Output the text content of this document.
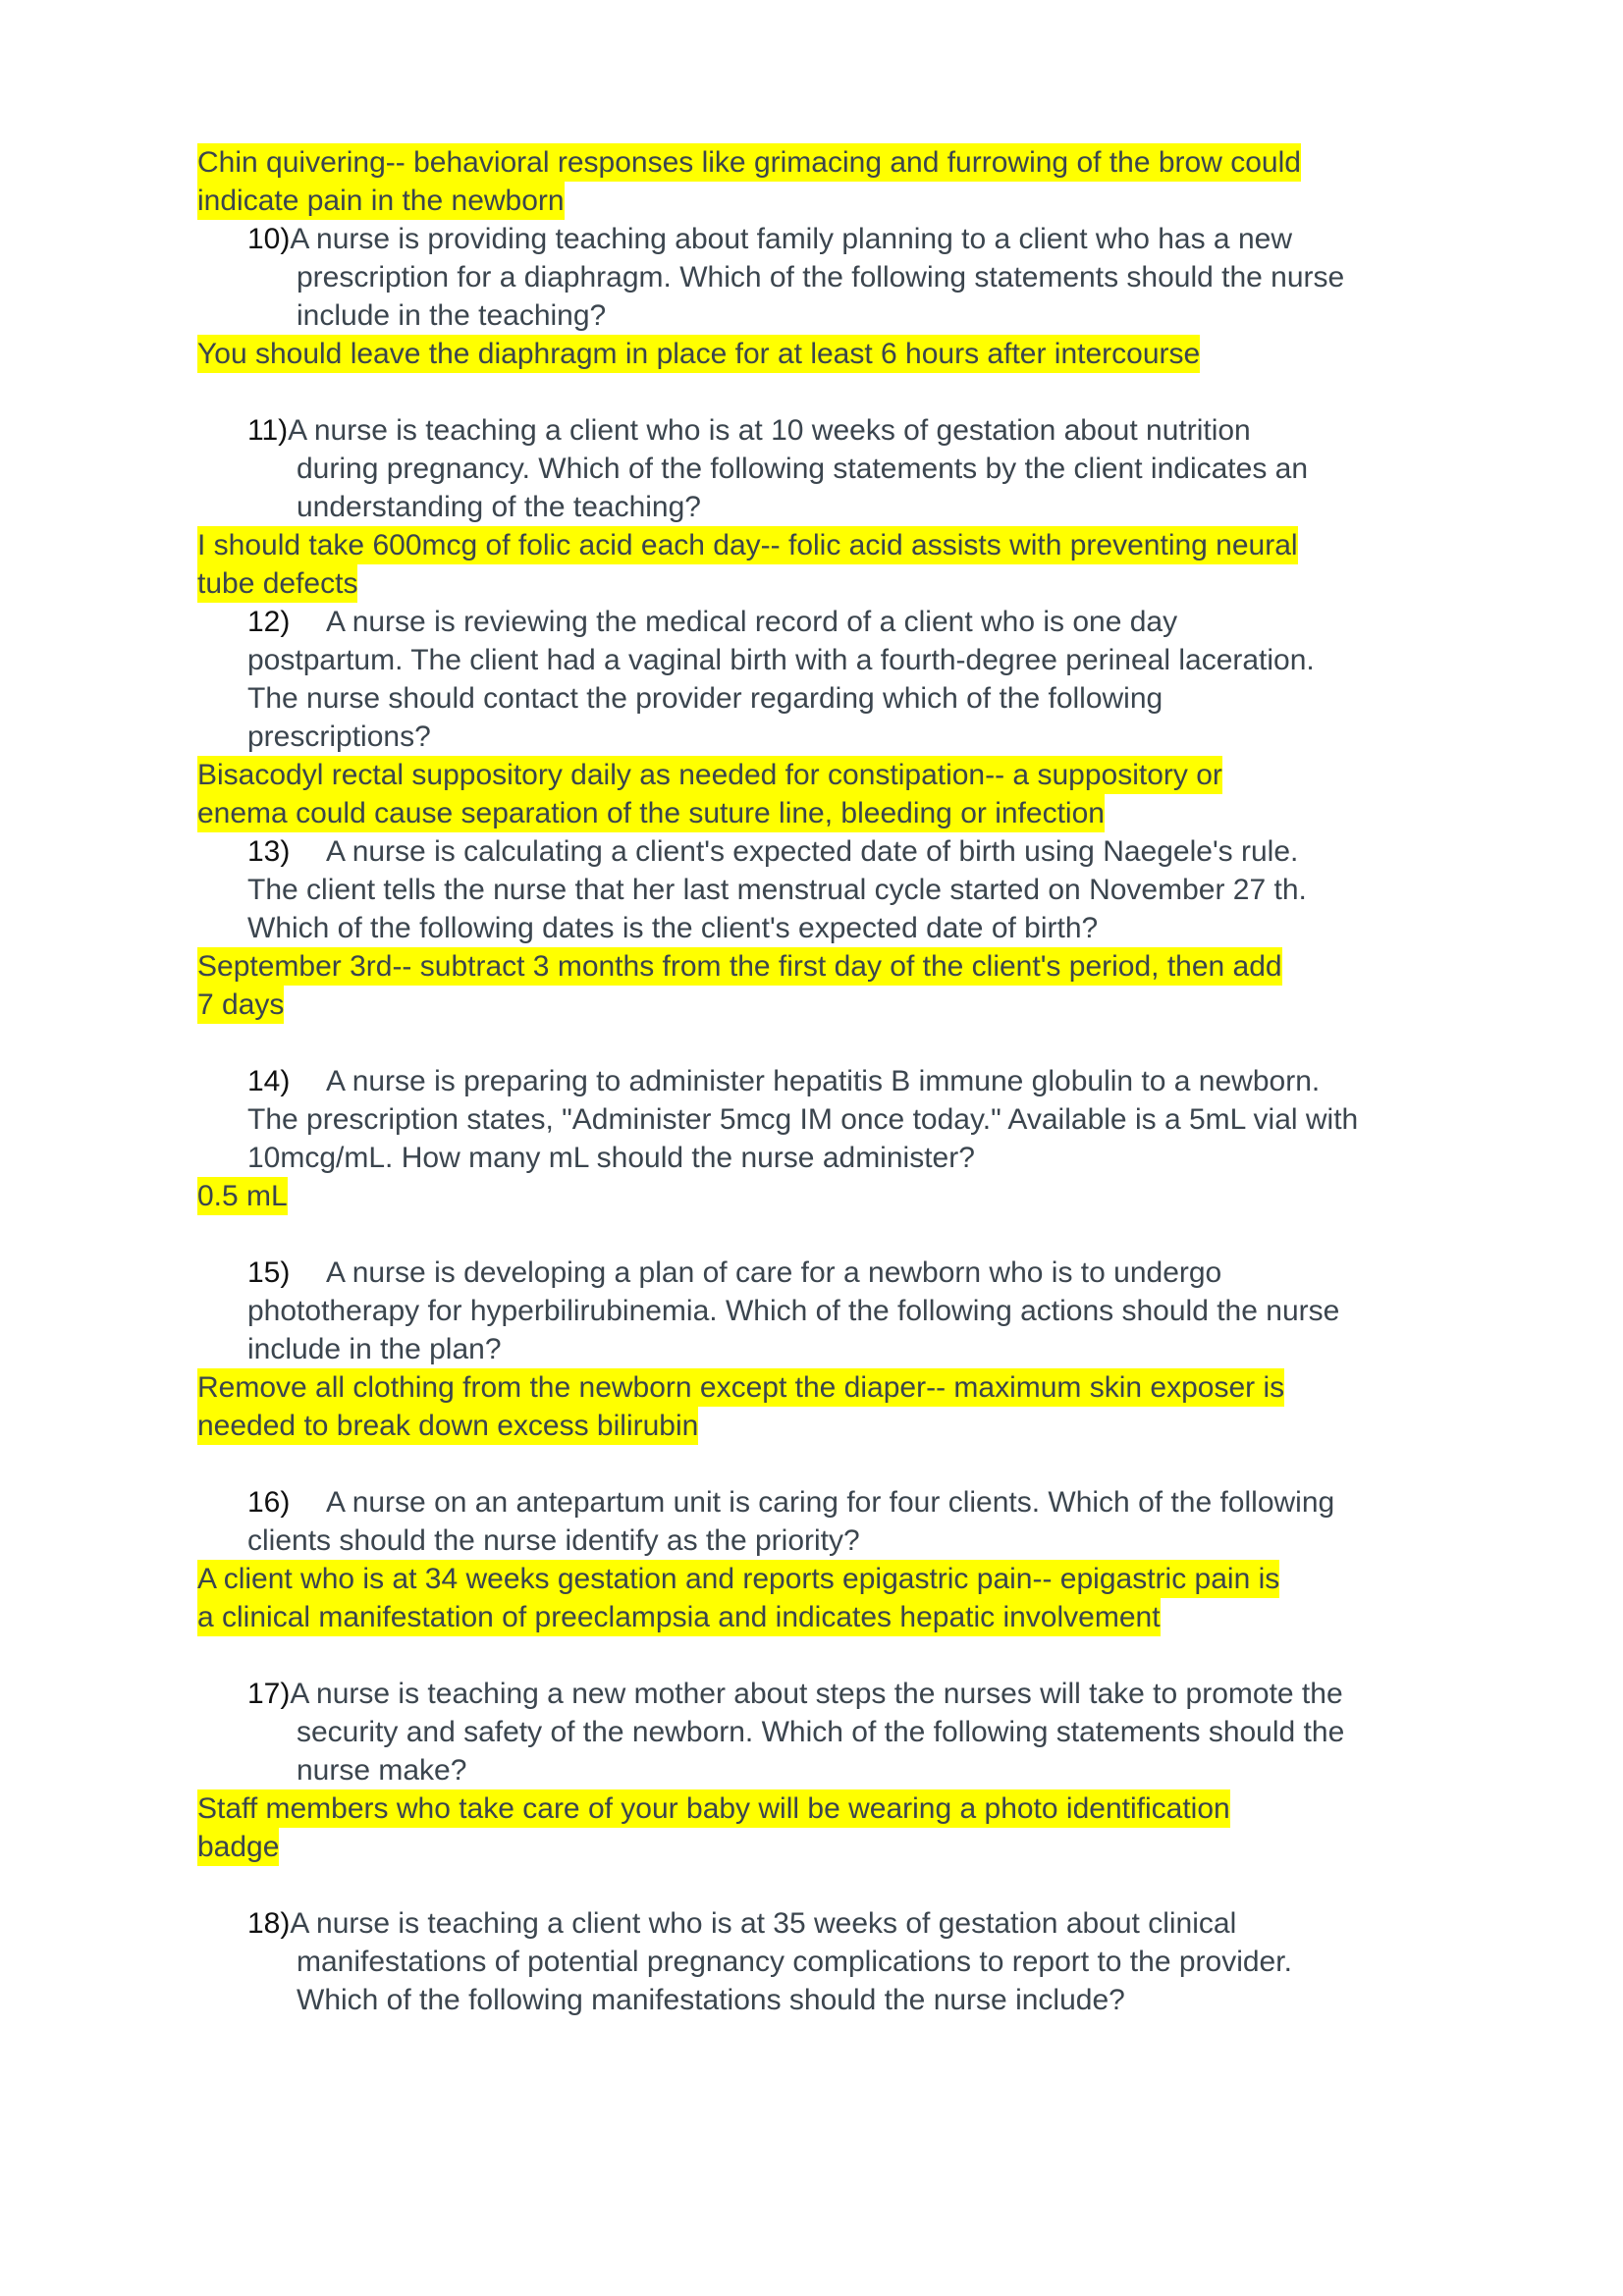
Chin quivering-- behavioral responses like grimacing and furrowing of the brow could
indicate pain in the newborn
10)A nurse is providing teaching about family planning to a client who has a new
prescription for a diaphragm. Which of the following statements should the nurse
include in the teaching?
You should leave the diaphragm in place for at least 6 hours after intercourse
11)A nurse is teaching a client who is at 10 weeks of gestation about nutrition
during pregnancy. Which of the following statements by the client indicates an
understanding of the teaching?
I should take 600mcg of folic acid each day-- folic acid assists with preventing neural
tube defects
12) A nurse is reviewing the medical record of a client who is one day
postpartum. The client had a vaginal birth with a fourth-degree perineal laceration.
The nurse should contact the provider regarding which of the following
prescriptions?
Bisacodyl rectal suppository daily as needed for constipation-- a suppository or
enema could cause separation of the suture line, bleeding or infection
13) A nurse is calculating a client's expected date of birth using Naegele's rule.
The client tells the nurse that her last menstrual cycle started on November 27 th.
Which of the following dates is the client's expected date of birth?
September 3rd-- subtract 3 months from the first day of the client's period, then add
7 days
14) A nurse is preparing to administer hepatitis B immune globulin to a newborn.
The prescription states, "Administer 5mcg IM once today." Available is a 5mL vial with
10mcg/mL. How many mL should the nurse administer?
0.5 mL
15) A nurse is developing a plan of care for a newborn who is to undergo
phototherapy for hyperbilirubinemia. Which of the following actions should the nurse
include in the plan?
Remove all clothing from the newborn except the diaper-- maximum skin exposer is
needed to break down excess bilirubin
16) A nurse on an antepartum unit is caring for four clients. Which of the following
clients should the nurse identify as the priority?
A client who is at 34 weeks gestation and reports epigastric pain-- epigastric pain is
a clinical manifestation of preeclampsia and indicates hepatic involvement
17)A nurse is teaching a new mother about steps the nurses will take to promote the
security and safety of the newborn. Which of the following statements should the
nurse make?
Staff members who take care of your baby will be wearing a photo identification
badge
18)A nurse is teaching a client who is at 35 weeks of gestation about clinical
manifestations of potential pregnancy complications to report to the provider.
Which of the following manifestations should the nurse include?
